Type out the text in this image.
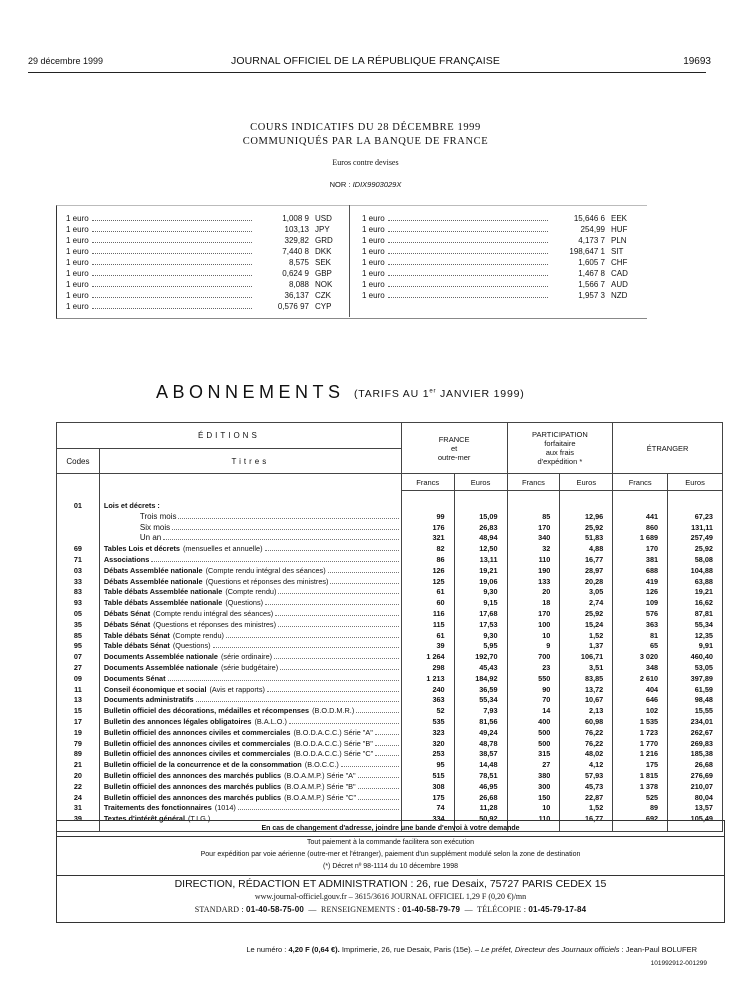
29 décembre 1999	JOURNAL OFFICIEL DE LA RÉPUBLIQUE FRANÇAISE	19693
COURS INDICATIFS DU 28 DÉCEMBRE 1999
COMMUNIQUÉS PAR LA BANQUE DE FRANCE
Euros contre devises
NOR : IDIX9903029X
1 euro	1,008 9 USD
1 euro	103,13 JPY
1 euro	329,82 GRD
1 euro	7,440 8 DKK
1 euro	8,575 SEK
1 euro	0,624 9 GBP
1 euro	8,088 NOK
1 euro	36,137 CZK
1 euro	0,576 97 CYP
1 euro	15,646 6 EEK
1 euro	254,99 HUF
1 euro	4,173 7 PLN
1 euro	198,647 1 SIT
1 euro	1,605 7 CHF
1 euro	1,467 8 CAD
1 euro	1,566 7 AUD
1 euro	1,957 3 NZD
ABONNEMENTS (TARIFS AU 1er JANVIER 1999)
ÉDITIONS	FRANCE
et
outre-mer

PARTICIPATION
forfaitaire
aux frais
d'expédition *
	ÉTRANGER
Codes	Titres						
		Francs	Euros	Francs	Euros	Francs	Euros

01	Lois et décrets :						

	Trois mois	99	15,09	85	12,96	441	67,23

	Six mois	176	26,83	170	25,92	860	131,11

	Un an	321	48,94	340	51,83	1 689	257,49
69	Tables Lois et décrets (mensuelles et annuelle)	82	12,50	32	4,88	170	25,92
71	Associations	86	13,11	110	16,77	381	58,08
03	Débats Assemblée nationale (Compte rendu intégral des séances)	126	19,21	190	28,97	688	104,88
33	Débats Assemblée nationale (Questions et réponses des ministres)	125	19,06	133	20,28	419	63,88
83	Table débats Assemblée nationale (Compte rendu)	61	9,30	20	3,05	126	19,21
93	Table débats Assemblée nationale (Questions)	60	9,15	18	2,74	109	16,62
05	Débats Sénat (Compte rendu intégral des séances)	116	17,68	170	25,92	576	87,81
35	Débats Sénat (Questions et réponses des ministres)	115	17,53	100	15,24	363	55,34
85	Table débats Sénat (Compte rendu)	61	9,30	10	1,52	81	12,35
95	Table débats Sénat (Questions)	39	5,95	9	1,37	65	9,91
07	Documents Assemblée nationale (série ordinaire)	1 264	192,70	700	106,71	3 020	460,40
27	Documents Assemblée nationale (série budgétaire)	298	45,43	23	3,51	348	53,05
09	Documents Sénat	1 213	184,92	550	83,85	2 610	397,89
11	Conseil économique et social (Avis et rapports)	240	36,59	90	13,72	404	61,59
13	Documents administratifs	363	55,34	70	10,67	646	98,48
15	Bulletin officiel des décorations, médailles et récompenses (B.O.D.M.R.)	52	7,93	14	2,13	102	15,55
17	Bulletin des annonces légales obligatoires (B.A.L.O.)	535	81,56	400	60,98	1 535	234,01
19	Bulletin officiel des annonces civiles et commerciales (B.O.D.A.C.C.) Série "A"	323	49,24	500	76,22	1 723	262,67
79	Bulletin officiel des annonces civiles et commerciales (B.O.D.A.C.C.) Série "B"	320	48,78	500	76,22	1 770	269,83
89	Bulletin officiel des annonces civiles et commerciales (B.O.D.A.C.C.) Série "C"	253	38,57	315	48,02	1 216	185,38
21	Bulletin officiel de la concurrence et de la consommation (B.O.C.C.)	95	14,48	27	4,12	175	26,68
20	Bulletin officiel des annonces des marchés publics (B.O.A.M.P.) Série "A"	515	78,51	380	57,93	1 815	276,69
22	Bulletin officiel des annonces des marchés publics (B.O.A.M.P.) Série "B"	308	46,95	300	45,73	1 378	210,07
24	Bulletin officiel des annonces des marchés publics (B.O.A.M.P.) Série "C"	175	26,68	150	22,87	525	80,04
31	Traitements des fonctionnaires (1014)	74	11,28	10	1,52	89	13,57
39	Textes d'intérêt général (T.I.G.)	334	50,92	110	16,77	692	105,49

En cas de changement d'adresse, joindre une bande d'envoi à votre demande
Tout paiement à la commande facilitera son exécution
Pour expédition par voie aérienne (outre-mer et l'étranger), paiement d'un supplément modulé selon la zone de destination
(*) Décret nº 98-1114 du 10 décembre 1998
DIRECTION, RÉDACTION ET ADMINISTRATION : 26, rue Desaix, 75727 PARIS CEDEX 15
www.journal-officiel.gouv.fr – 3615/3616 JOURNAL OFFICIEL 1,29 F (0,20 €)/mn
STANDARD : 01-40-58-75-00 — RENSEIGNEMENTS : 01-40-58-79-79 — TÉLÉCOPIE : 01-45-79-17-84
Le numéro : 4,20 F (0,64 €). Imprimerie, 26, rue Desaix, Paris (15e). – Le préfet, Directeur des Journaux officiels : Jean-Paul BOLUFER
101992912-001299
